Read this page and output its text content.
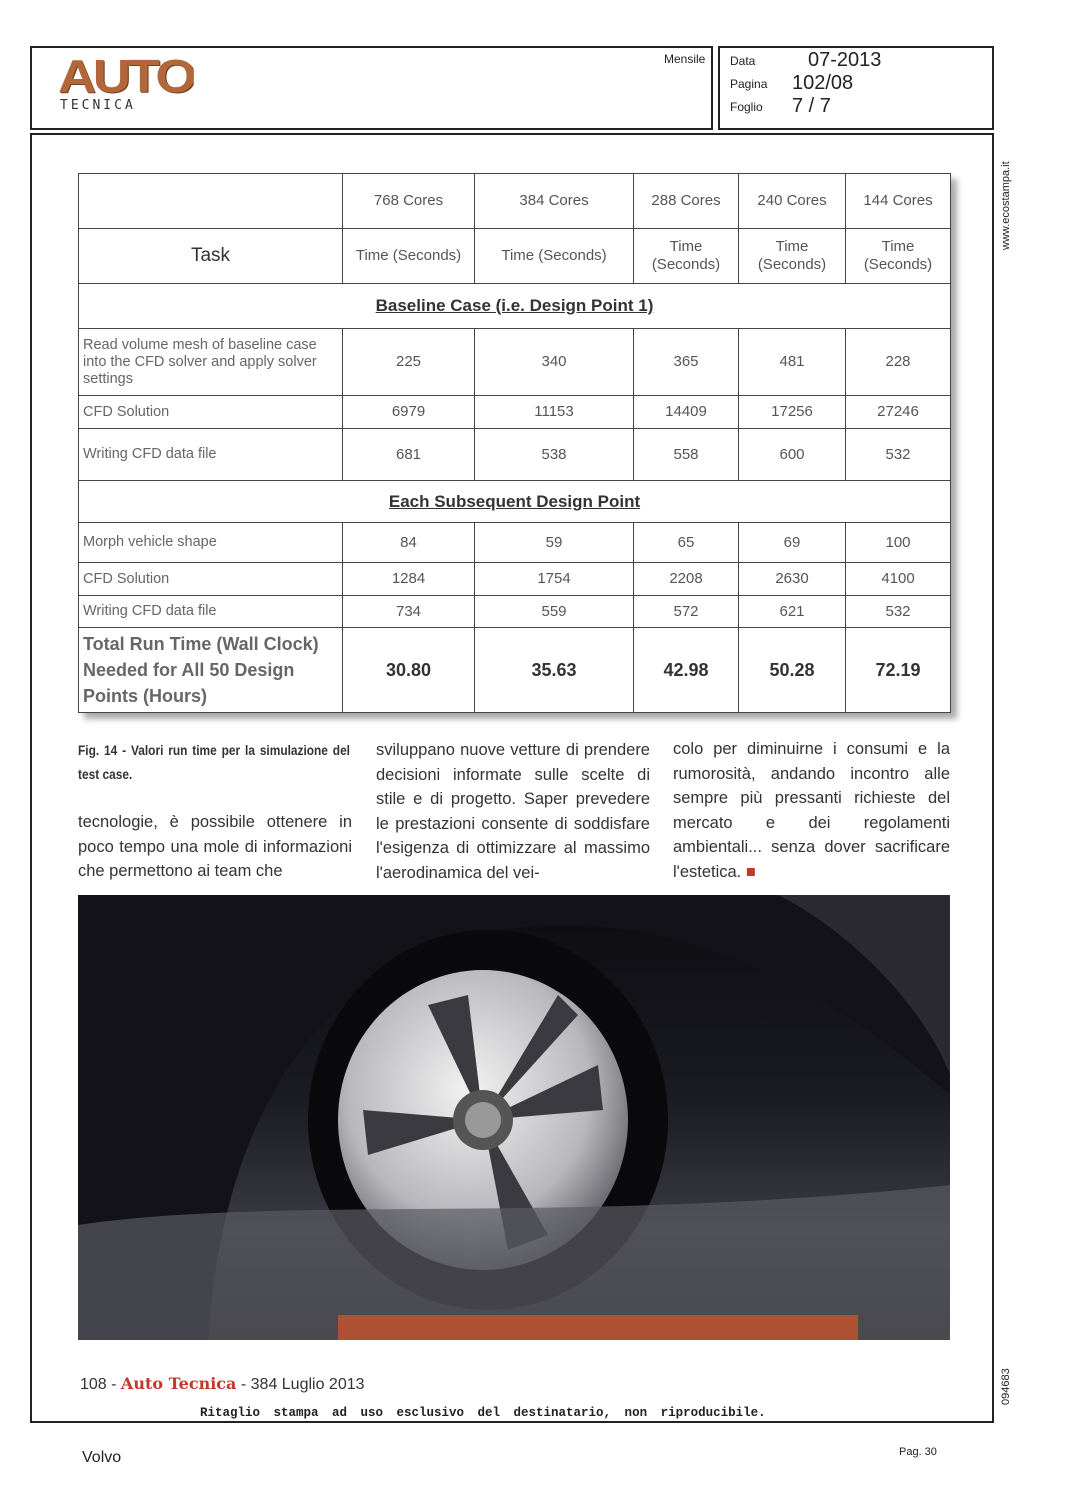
AUTO
TECNICA
Mensile Data	07-2013
Pagina 102/08
Foglio 7 / 7
www.ecostampa.it
094683
	768 Cores	384 Cores	288 Cores	240 Cores	144 Cores
Task	Time (Seconds)	Time (Seconds)	Time (Seconds)	Time (Seconds)	Time (Seconds)
Baseline Case (i.e. Design Point 1)					
Read volume mesh of baseline case into the CFD solver and apply solver settings	225	340	365	481	228
CFD Solution	6979	11153	14409	17256	27246
Writing CFD data file	681	538	558	600	532
Each Subsequent Design Point					
Morph vehicle shape	84	59	65	69	100
CFD Solution	1284	1754	2208	2630	4100
Writing CFD data file	734	559	572	621	532
Total Run Time (Wall Clock) Needed for All 50 Design Points (Hours)	30.80	35.63	42.98	50.28	72.19
Fig. 14 - Valori run time per la simulazione del test case.
tecnologie, è possibile ottenere in poco tempo una mole di informazioni che permettono ai team che
sviluppano nuove vetture di prendere decisioni informate sulle scelte di stile e di progetto. Saper prevedere le prestazioni consente di soddisfare l'esigenza di ottimizzare al massimo l'aerodinamica del vei-
colo per diminuirne i consumi e la rumorosità, andando incontro alle sempre più pressanti richieste del mercato e dei regolamenti ambientali... senza dover sacrificare l'estetica. ■
108 - Auto Tecnica - 384 Luglio 2013
Ritaglio stampa ad uso esclusivo del destinatario, non riproducibile.
Volvo	Pag. 30
